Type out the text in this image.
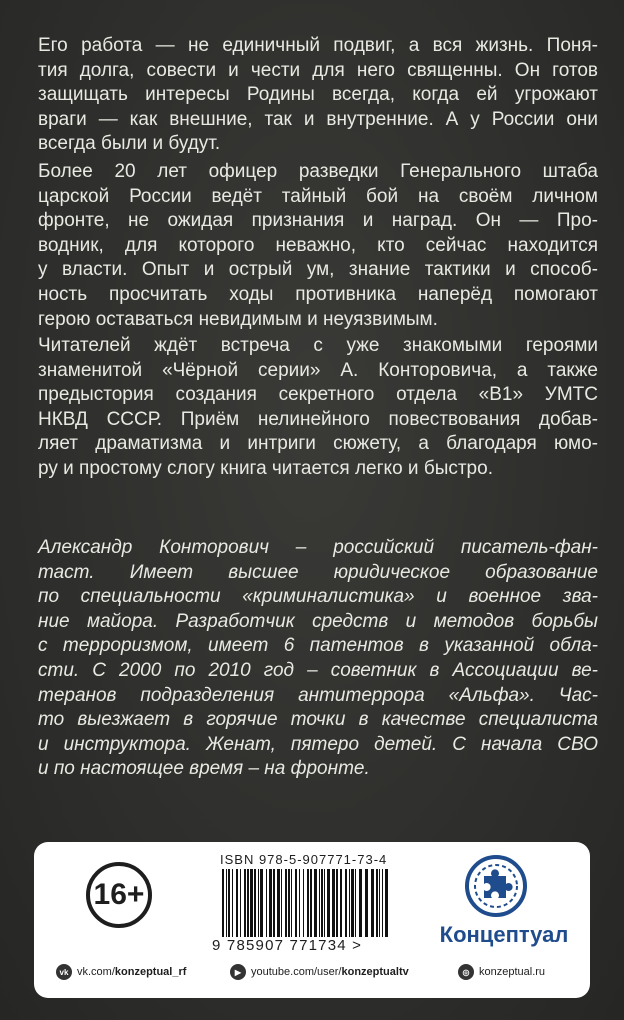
Его работа — не единичный подвиг, а вся жизнь. Поня-
тия долга, совести и чести для него священны. Он готов
защищать интересы Родины всегда, когда ей угрожают
враги — как внешние, так и внутренние. А у России они
всегда были и будут.
Более 20 лет офицер разведки Генерального штаба
царской России ведёт тайный бой на своём личном
фронте, не ожидая признания и наград. Он — Про-
водник, для которого неважно, кто сейчас находится
у власти. Опыт и острый ум, знание тактики и способ-
ность просчитать ходы противника наперёд помогают
герою оставаться невидимым и неуязвимым.
Читателей ждёт встреча с уже знакомыми героями
знаменитой «Чёрной серии» А. Конторовича, а также
предыстория создания секретного отдела «В1» УМТС
НКВД СССР. Приём нелинейного повествования добав-
ляет драматизма и интриги сюжету, а благодаря юмо-
ру и простому слогу книга читается легко и быстро.
Александр Конторович – российский писатель-фан-
таст. Имеет высшее юридическое образование
по специальности «криминалистика» и военное зва-
ние майора. Разработчик средств и методов борьбы
с терроризмом, имеет 6 патентов в указанной обла-
сти. С 2000 по 2010 год – советник в Ассоциации ве-
теранов подразделения антитеррора «Альфа». Час-
то выезжает в горячие точки в качестве специалиста
и инструктора. Женат, пятеро детей. С начала СВО
и по настоящее время – на фронте.
16+
ISBN 978-5-907771-73-4
9 785907 771734 >	Концептуал
vk vk.com/konzeptual_rf	▶ youtube.com/user/konzeptualtv	◎ konzeptual.ru
